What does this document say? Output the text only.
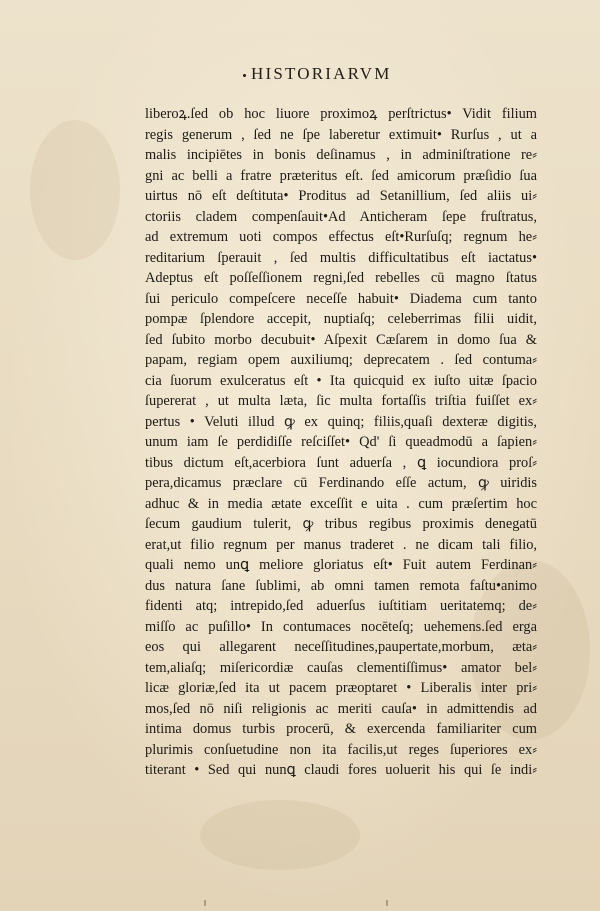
HISTORIARVM
liberoꝝ.ſed ob hoc liuore proximoꝝ perſtrictus• Vidit filium
regis generum , ſed ne ſpe laberetur extimuit• Rurſus , ut a
malis incipiētes in bonis deſinamus , in adminiſtratione re⸗
gni ac belli a fratre præteritus eſt. ſed amicorum præſidio ſua
uirtus nō eſt deſtituta• Proditus ad Setanillium, ſed aliis ui⸗
ctoriis cladem compenſauit•Ad Anticheram ſepe fruſtratus,
ad extremum uoti compos effectus eſt•Rurſuſq; regnum he⸗
reditarium ſperauit , ſed multis difficultatibus eſt iactatus•
Adeptus eſt poſſeſſionem regni,ſed rebelles cū magno ſtatus
ſui periculo compeſcere neceſſe habuit• Diadema cum tanto
pompæ ſplendore accepit, nuptiaſq; celeberrimas filii uidit,
ſed ſubito morbo decubuit• Aſpexit Cæſarem in domo ſua &
papam, regiam opem auxiliumq; deprecatem . ſed contuma⸗
cia ſuorum exulceratus eſt • Ita quicquid ex iuſto uitæ ſpacio
ſupererat , ut multa læta, ſic multa fortaſſis triſtia fuiſſet ex⸗
pertus • Veluti illud ꝙ ex quinq; filiis,quaſi dexteræ digitis,
unum iam ſe perdidiſſe reſciſſet• Qd' ſi queadmodū a ſapien⸗
tibus dictum eſt,acerbiora ſunt aduerſa , ꝗ iocundiora proſ⸗
pera,dicamus præclare cū Ferdinando eſſe actum, ꝙ uiridis
adhuc & in media ætate exceſſit e uita . cum præſertim hoc
ſecum gaudium tulerit, ꝙ tribus regibus proximis denegatū
erat,ut filio regnum per manus traderet . ne dicam tali filio,
quali nemo unꝗ meliore gloriatus eſt• Fuit autem Ferdinan⸗
dus natura ſane ſublimi, ab omni tamen remota faſtu•animo
fidenti atq; intrepido,ſed aduerſus iuſtitiam ueritatemq; de⸗
miſſo ac puſillo• In contumaces nocēteſq; uehemens.ſed erga
eos qui allegarent neceſſitudines,paupertate,morbum, æta⸗
tem,aliaſq; miſericordiæ cauſas clementiſſimus• amator bel⸗
licæ gloriæ,ſed ita ut pacem præoptaret • Liberalis inter pri⸗
mos,ſed nō niſi religionis ac meriti cauſa• in admittendis ad
intima domus turbis procerū, & exercenda familiariter cum
plurimis conſuetudine non ita facilis,ut reges ſuperiores ex⸗
titerant • Sed qui nunꝗ claudi fores uoluerit his qui ſe indi⸗
